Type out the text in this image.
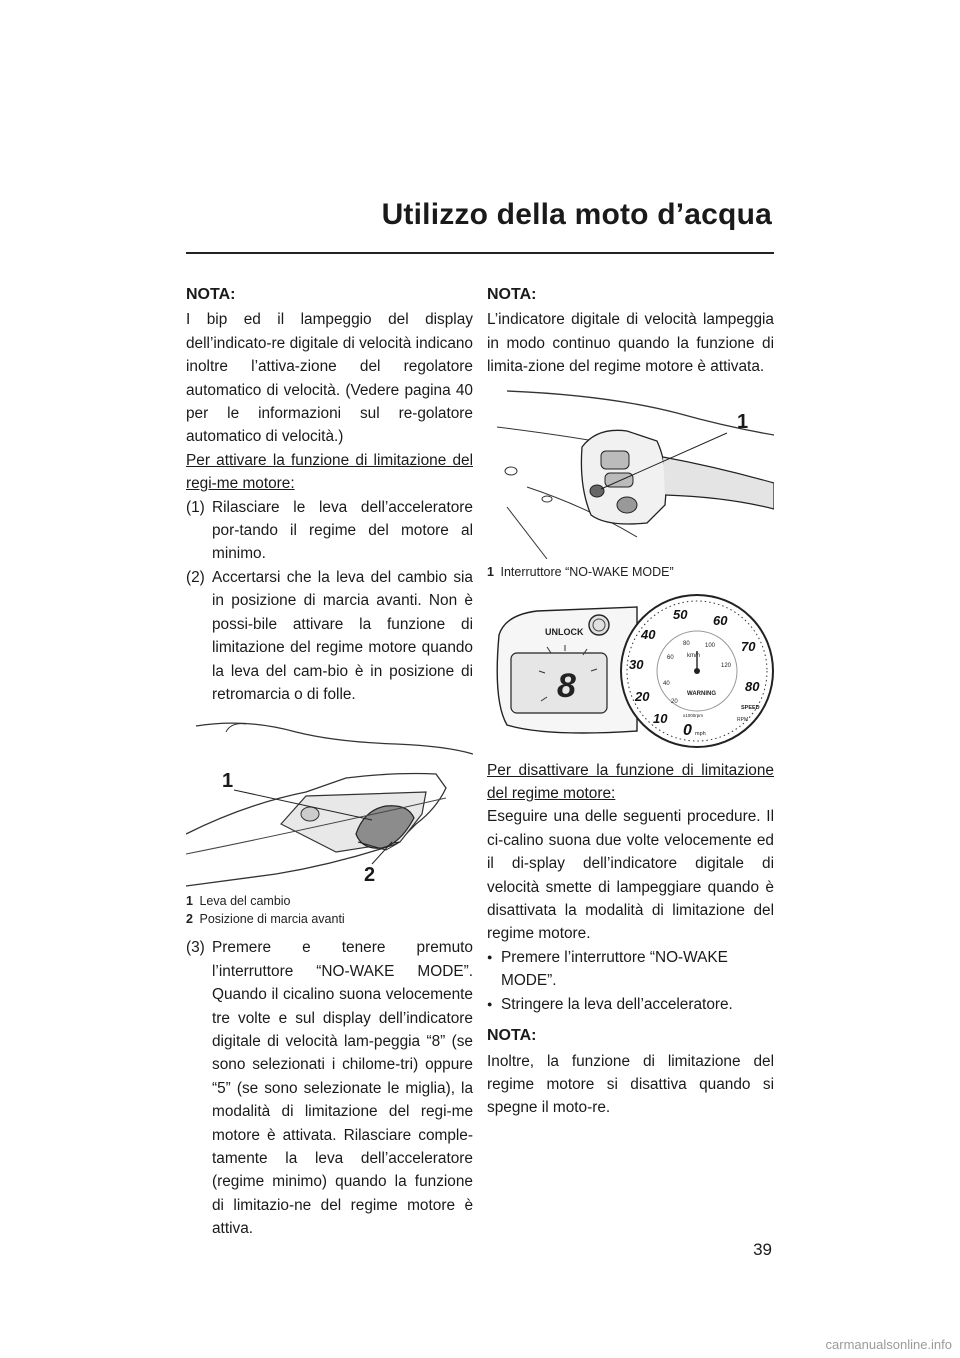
Utilizzo della moto d’acqua
NOTA:

I bip ed il lampeggio del display dell’indicato-re digitale di velocità indicano inoltre l’attiva-zione del regolatore automatico di velocità. (Vedere pagina 40 per le informazioni sul re-golatore automatico di velocità.)

Per attivare la funzione di limitazione del regi-me motore:

(1) Rilasciare le leva dell’acceleratore por-tando il regime del motore al minimo.
(2) Accertarsi che la leva del cambio sia in posizione di marcia avanti. Non è possi-bile attivare la funzione di limitazione del regime motore quando la leva del cam-bio è in posizione di retromarcia o di folle.
1
2
1 Leva del cambio
2 Posizione di marcia avanti
(3) Premere e tenere premuto l’interruttore “NO-WAKE MODE”. Quando il cicalino suona velocemente tre volte e sul display dell’indicatore digitale di velocità lam-peggia “8” (se sono selezionati i chilome-tri) oppure “5” (se sono selezionate le miglia), la modalità di limitazione del regi-me motore è attivata. Rilasciare comple-tamente la leva dell’acceleratore (regime minimo) quando la funzione di limitazio-ne del regime motore è attiva.
NOTA:

L’indicatore digitale di velocità lampeggia in modo continuo quando la funzione di limita-zione del regime motore è attivata.

1
1 Interruttore “NO-WAKE MODE”
UNLOCK
8
10
20
30
40
50 60
70
80
20
40
60
80	100
120
km/h
WARNING
SPEED
RPM
x1000rpm
0 mph

Per disattivare la funzione di limitazione del regime motore:

Eseguire una delle seguenti procedure. Il ci-calino suona due volte velocemente ed il di-splay dell’indicatore digitale di velocità smette di lampeggiare quando è disattivata la modalità di limitazione del regime motore.

● Premere l’interruttore “NO-WAKE MODE”.
● Stringere la leva dell’acceleratore.
NOTA:

Inoltre, la funzione di limitazione del regime motore si disattiva quando si spegne il moto-re.

39
carmanualsonline.info
